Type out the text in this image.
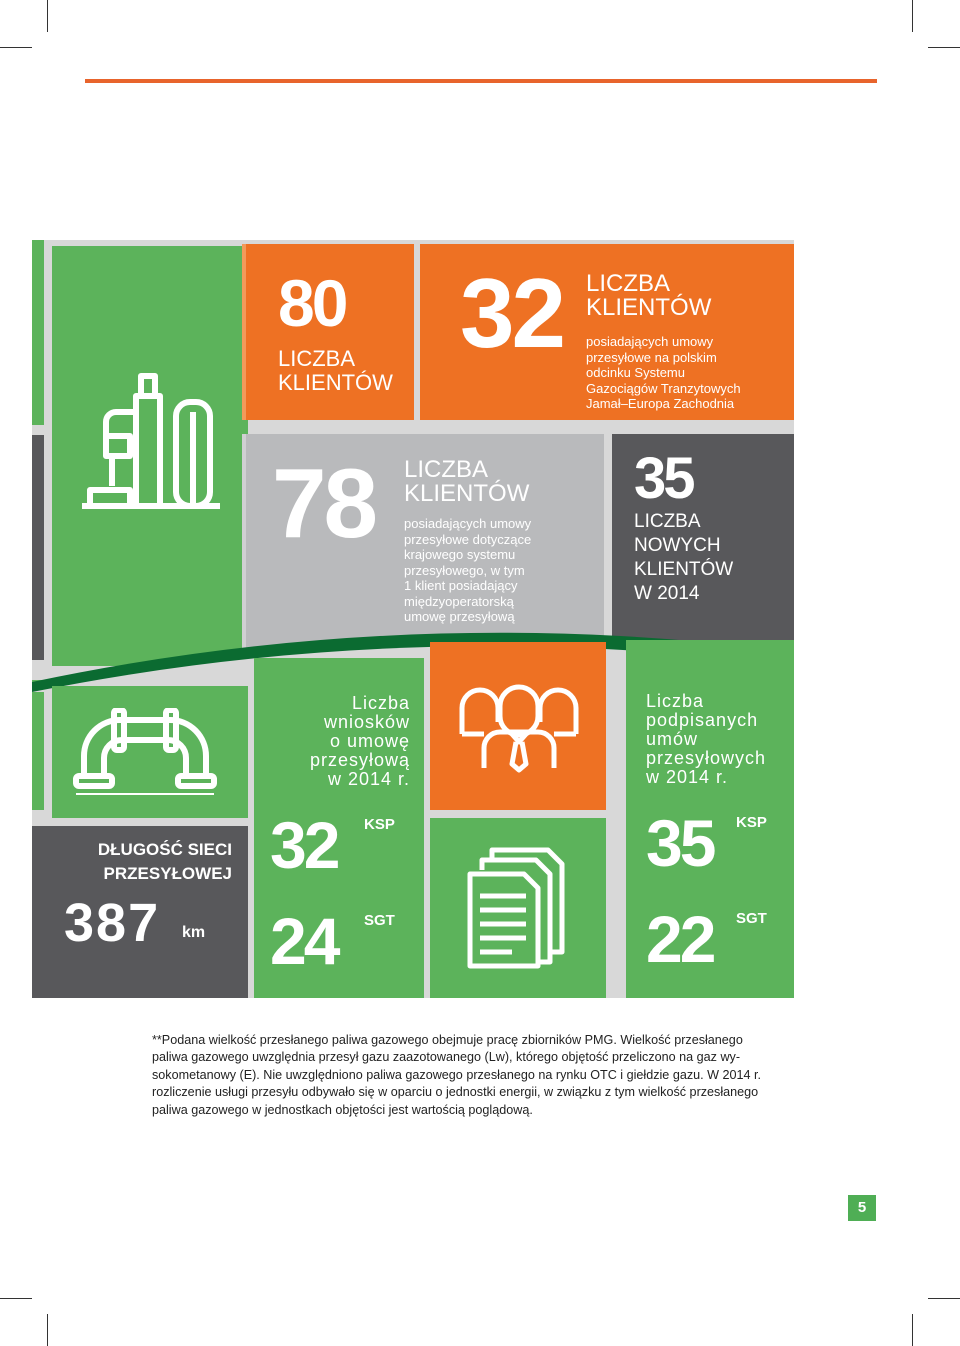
80
LICZBA
KLIENTÓW
32 LICZBA
KLIENTÓW
posiadających umowy
przesyłowe na polskim
odcinku Systemu
Gazociągów Tranzytowych
Jamał–Europa Zachodnia
78 LICZBA
KLIENTÓW
posiadających umowy
przesyłowe dotyczące
krajowego systemu
przesyłowego, w tym
1 klient posiadający
międzyoperatorską
umowę przesyłową
35
LICZBA
NOWYCH
KLIENTÓW
W 2014
DŁUGOŚĆ SIECI
PRZESYŁOWEJ
387 km
Liczba
wniosków
o umowę
przesyłową
w 2014 r.
32 KSP
24 SGT
Liczba
podpisanych
umów
przesyłowych
w 2014 r.
35 KSP
22 SGT
**Podana wielkość przesłanego paliwa gazowego obejmuje pracę zbiorników PMG. Wielkość przesłanego
paliwa gazowego uwzględnia przesył gazu zaazotowanego (Lw), którego objętość przeliczono na gaz wy-
sokometanowy (E). Nie uwzględniono paliwa gazowego przesłanego na rynku OTC i giełdzie gazu. W 2014 r.
rozliczenie usługi przesyłu odbywało się w oparciu o jednostki energii, w związku z tym wielkość przesłanego
paliwa gazowego w jednostkach objętości jest wartością poglądową.
5
